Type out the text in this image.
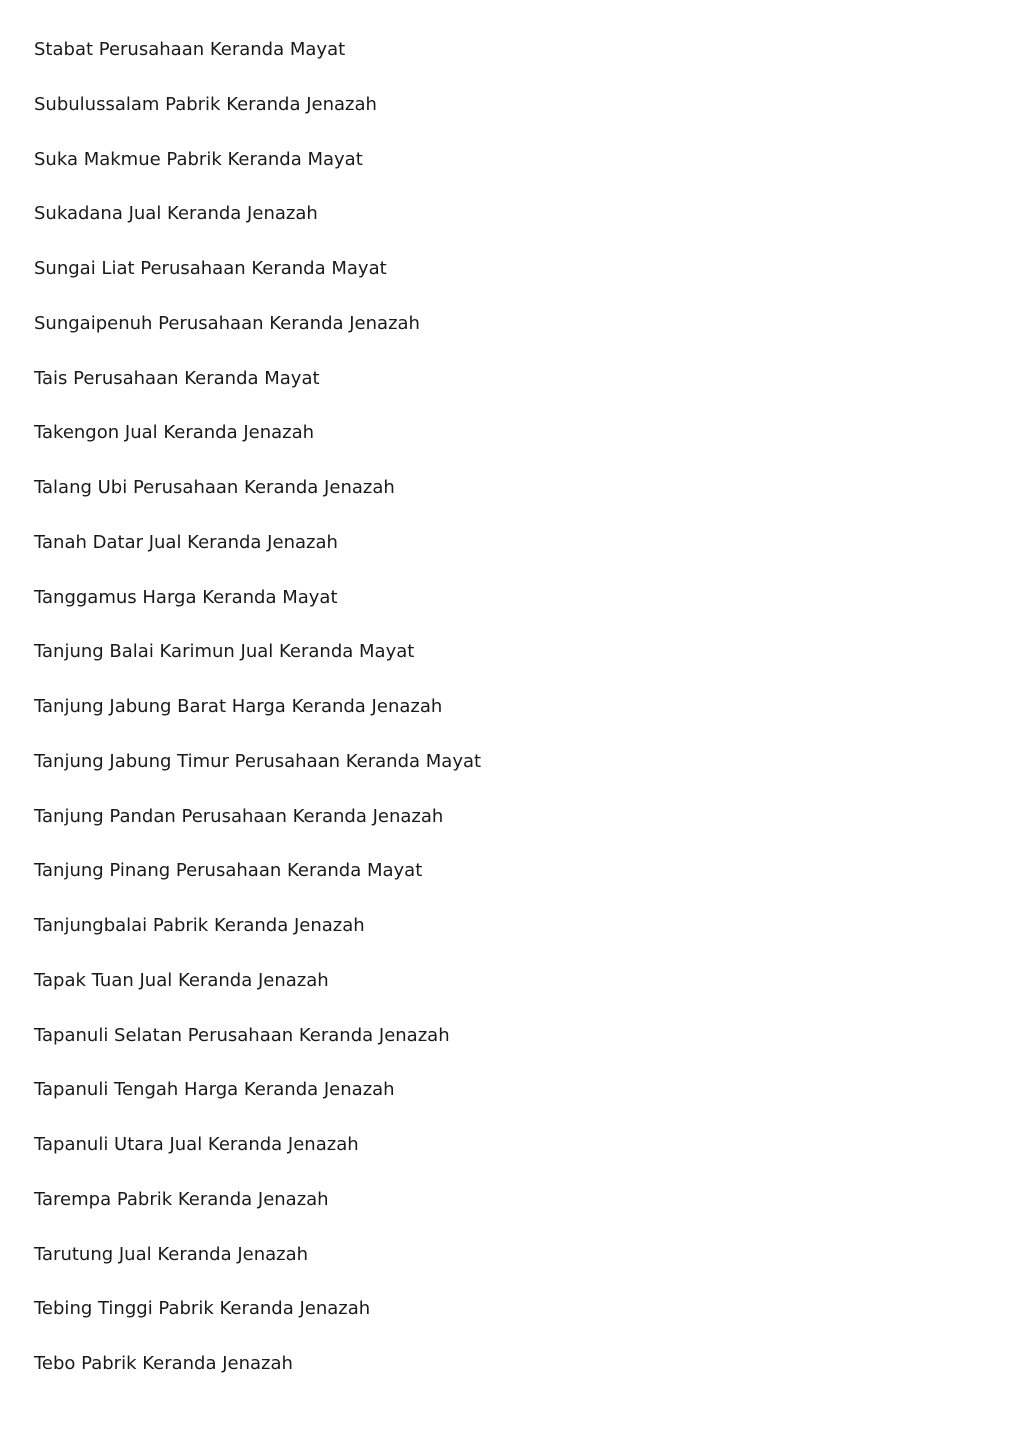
Stabat Perusahaan Keranda Mayat
Subulussalam Pabrik Keranda Jenazah
Suka Makmue Pabrik Keranda Mayat
Sukadana Jual Keranda Jenazah
Sungai Liat Perusahaan Keranda Mayat
Sungaipenuh Perusahaan Keranda Jenazah
Tais Perusahaan Keranda Mayat
Takengon Jual Keranda Jenazah
Talang Ubi Perusahaan Keranda Jenazah
Tanah Datar Jual Keranda Jenazah
Tanggamus Harga Keranda Mayat
Tanjung Balai Karimun Jual Keranda Mayat
Tanjung Jabung Barat Harga Keranda Jenazah
Tanjung Jabung Timur Perusahaan Keranda Mayat
Tanjung Pandan Perusahaan Keranda Jenazah
Tanjung Pinang Perusahaan Keranda Mayat
Tanjungbalai Pabrik Keranda Jenazah
Tapak Tuan Jual Keranda Jenazah
Tapanuli Selatan Perusahaan Keranda Jenazah
Tapanuli Tengah Harga Keranda Jenazah
Tapanuli Utara Jual Keranda Jenazah
Tarempa Pabrik Keranda Jenazah
Tarutung Jual Keranda Jenazah
Tebing Tinggi Pabrik Keranda Jenazah
Tebo Pabrik Keranda Jenazah
